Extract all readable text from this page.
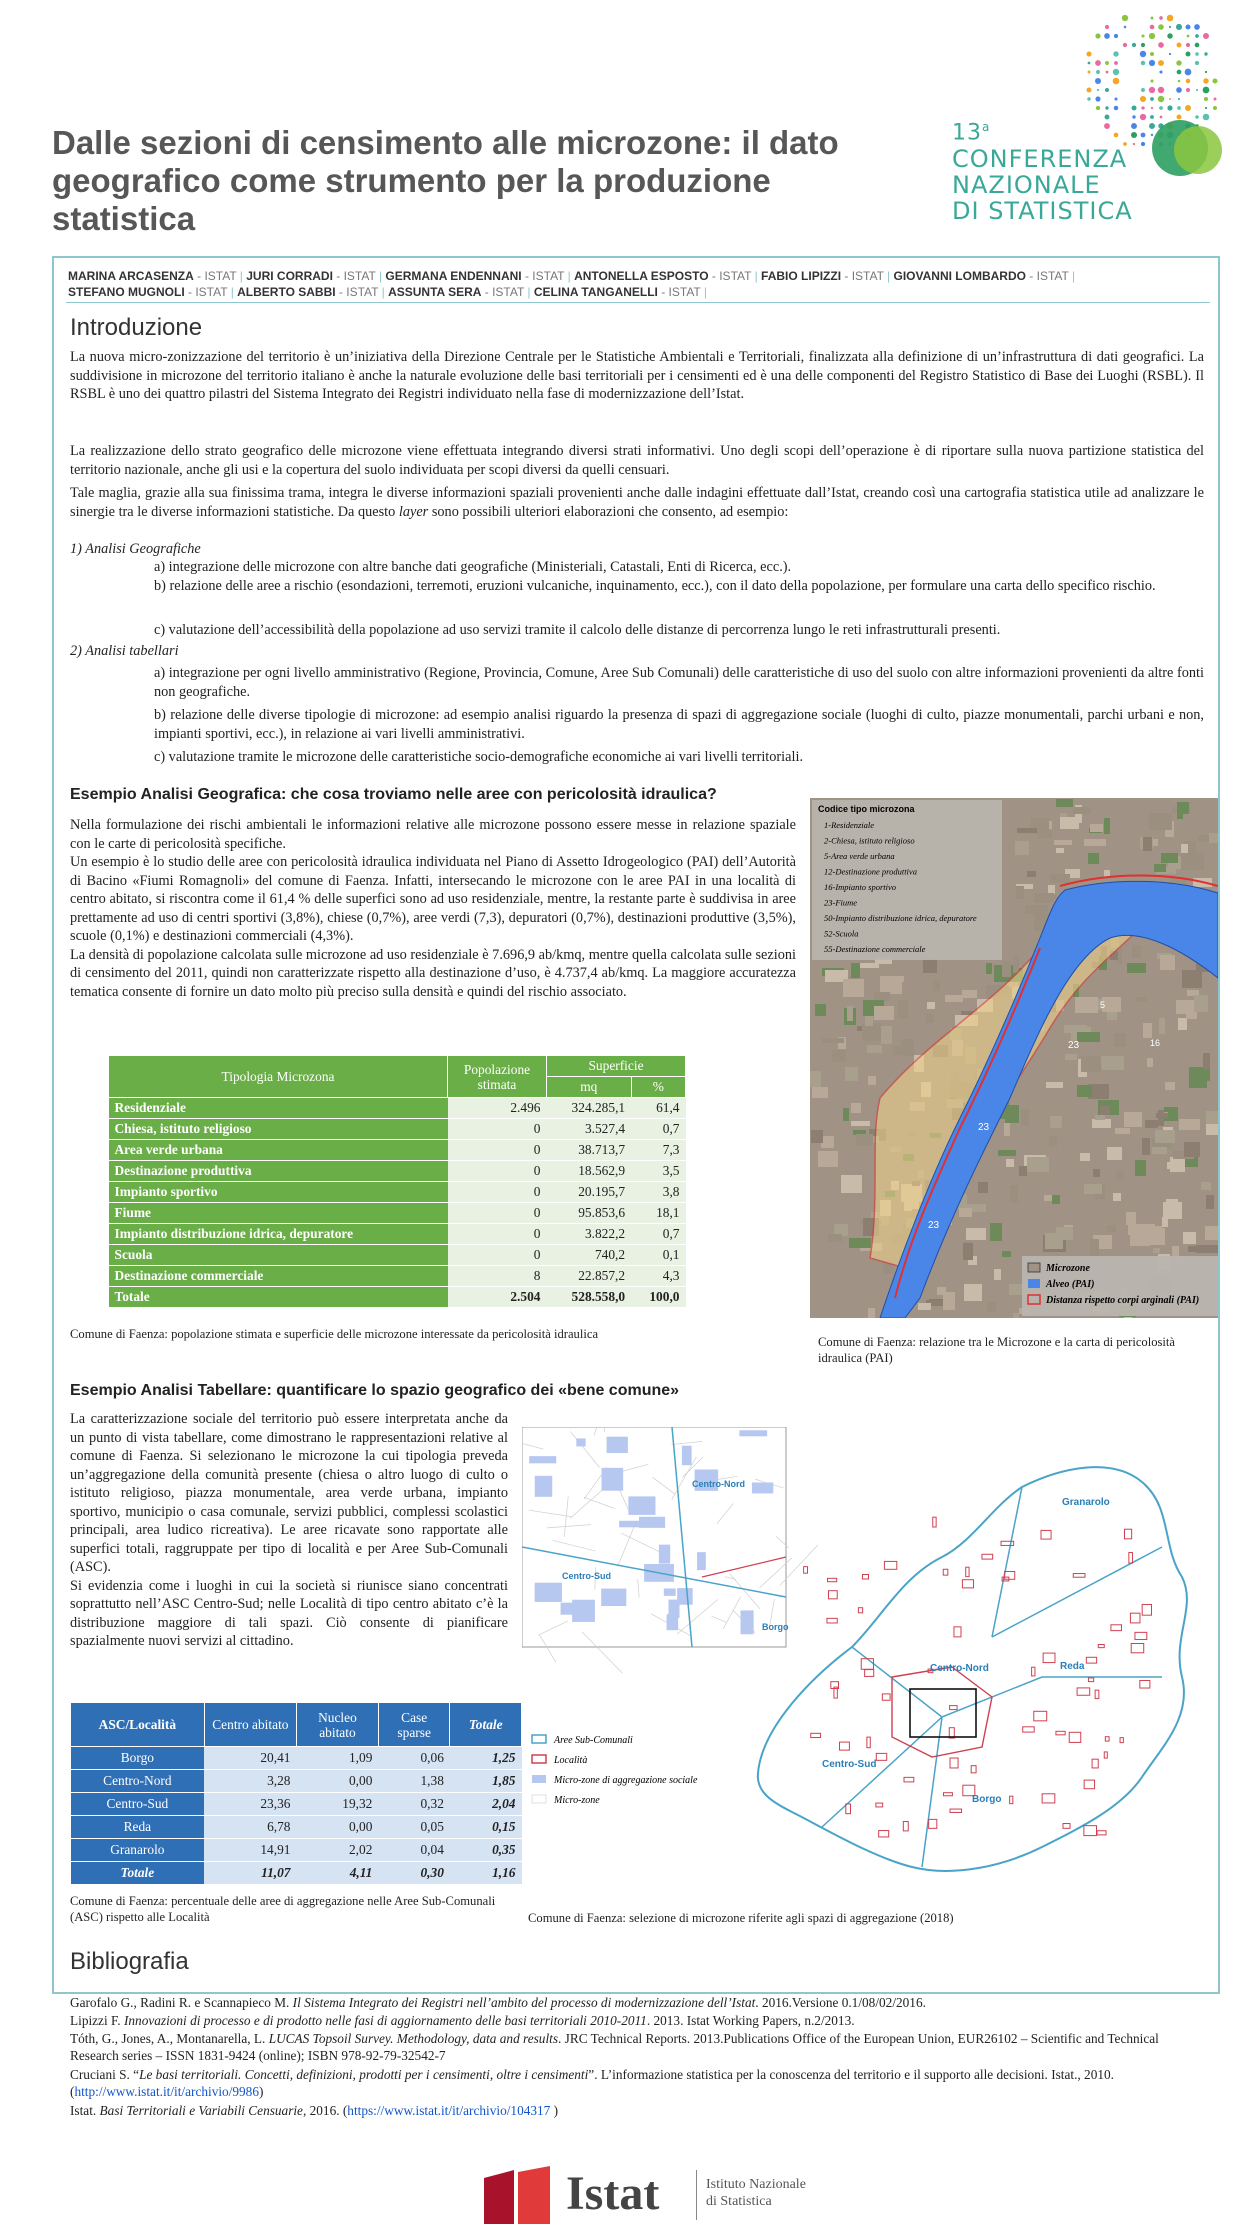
Dalle sezioni di censimento alle microzone: il dato geografico come strumento per la produzione statistica
13$^a$
CONFERENZA
NAZIONALE
DI STATISTICA
MARINA ARCASENZA - ISTAT | JURI CORRADI - ISTAT | GERMANA ENDENNANI - ISTAT | ANTONELLA ESPOSTO - ISTAT | FABIO LIPIZZI - ISTAT | GIOVANNI LOMBARDO - ISTAT |
STEFANO MUGNOLI - ISTAT | ALBERTO SABBI - ISTAT | ASSUNTA SERA - ISTAT | CELINA TANGANELLI - ISTAT |
Introduzione

La nuova micro-zonizzazione del territorio è un’iniziativa della Direzione Centrale per le Statistiche Ambientali e Territoriali, finalizzata alla definizione di un’infrastruttura di dati geografici. La suddivisione in microzone del territorio italiano è anche la naturale evoluzione delle basi territoriali per i censimenti ed è una delle componenti del Registro Statistico di Base dei Luoghi (RSBL). Il RSBL è uno dei quattro pilastri del Sistema Integrato dei Registri individuato nella fase di modernizzazione dell’Istat.

La realizzazione dello strato geografico delle microzone viene effettuata integrando diversi strati informativi. Uno degli scopi dell’operazione è di riportare sulla nuova partizione statistica del territorio nazionale, anche gli usi e la copertura del suolo individuata per scopi diversi da quelli censuari.

Tale maglia, grazie alla sua finissima trama, integra le diverse informazioni spaziali provenienti anche dalle indagini effettuate dall’Istat, creando così una cartografia statistica utile ad analizzare le sinergie tra le diverse informazioni statistiche. Da questo layer sono possibili ulteriori elaborazioni che consento, ad esempio:

1) Analisi Geografiche

a) integrazione delle microzone con altre banche dati geografiche (Ministeriali, Catastali, Enti di Ricerca, ecc.).

b) relazione delle aree a rischio (esondazioni, terremoti, eruzioni vulcaniche, inquinamento, ecc.), con il dato della popolazione, per formulare una carta dello specifico rischio.

c) valutazione dell’accessibilità della popolazione ad uso servizi tramite il calcolo delle distanze di percorrenza lungo le reti infrastrutturali presenti.

2) Analisi tabellari

a) integrazione per ogni livello amministrativo (Regione, Provincia, Comune, Aree Sub Comunali) delle caratteristiche di uso del suolo con altre informazioni provenienti da altre fonti non geografiche.

b) relazione delle diverse tipologie di microzone: ad esempio analisi riguardo la presenza di spazi di aggregazione sociale (luoghi di culto, piazze monumentali, parchi urbani e non, impianti sportivi, ecc.), in relazione ai vari livelli amministrativi.

c) valutazione tramite le microzone delle caratteristiche socio-demografiche economiche ai vari livelli territoriali.

Esempio Analisi Geografica: che cosa troviamo nelle aree con pericolosità idraulica?

Nella formulazione dei rischi ambientali le informazioni relative alle microzone possono essere messe in relazione spaziale con le carte di pericolosità specifiche.
Un esempio è lo studio delle aree con pericolosità idraulica individuata nel Piano di Assetto Idrogeologico (PAI) dell’Autorità di Bacino «Fiumi Romagnoli» del comune di Faenza. Infatti, intersecando le microzone con le aree PAI in una località di centro abitato, si riscontra come il 61,4 % delle superfici sono ad uso residenziale, mentre, la restante parte è suddivisa in aree prettamente ad uso di centri sportivi (3,8%), chiese (0,7%), aree verdi (7,3), depuratori (0,7%), destinazioni produttive (3,5%), scuole (0,1%) e destinazioni commerciali (4,3%).
La densità di popolazione calcolata sulle microzone ad uso residenziale è 7.696,9 ab/kmq, mentre quella calcolata sulle sezioni di censimento del 2011, quindi non caratterizzate rispetto alla destinazione d’uso, è 4.737,4 ab/kmq. La maggiore accuratezza tematica consente di fornire un dato molto più preciso sulla densità e quindi del rischio associato.

Tipologia Microzona	Popolazione stimata	Superficie	
		mq	%
Residenziale	2.496	324.285,1	61,4
Chiesa, istituto religioso	0	3.527,4	0,7
Area verde urbana	0	38.713,7	7,3
Destinazione produttiva	0	18.562,9	3,5
Impianto sportivo	0	20.195,7	3,8
Fiume	0	95.853,6	18,1
Impianto distribuzione idrica, depuratore	0	3.822,2	0,7
Scuola	0	740,2	0,1
Destinazione commerciale	8	22.857,2	4,3
Totale	2.504	528.558,0	100,0

Comune di Faenza: popolazione stimata e superficie delle microzone interessate da pericolosità idraulica

23
23
23
5
16
Codice tipo microzona
1-Residenziale
2-Chiesa, istituto religioso
5-Area verde urbana
12-Destinazione produttiva
16-Impianto sportivo
23-Fiume
50-Impianto distribuzione idrica, depuratore
52-Scuola
55-Destinazione commerciale
Microzone
Alveo (PAI)
Distanza rispetto corpi arginali (PAI)

Comune di Faenza: relazione tra le Microzone e la carta di pericolosità idraulica (PAI)

Esempio Analisi Tabellare: quantificare lo spazio geografico dei «bene comune»

La caratterizzazione sociale del territorio può essere interpretata anche da un punto di vista tabellare, come dimostrano le rappresentazioni relative al comune di Faenza. Si selezionano le microzone la cui tipologia preveda un’aggregazione della comunità presente (chiesa o altro luogo di culto o istituto religioso, piazza monumentale, area verde urbana, impianto sportivo, municipio o casa comunale, servizi pubblici, complessi scolastici principali, area ludico ricreativa). Le aree ricavate sono rapportate alle superfici totali, raggruppate per tipo di località e per Aree Sub-Comunali (ASC).
Si evidenzia come i luoghi in cui la società si riunisce siano concentrati soprattutto nell’ASC Centro-Sud; nelle Località di tipo centro abitato c’è la distribuzione maggiore di tali spazi. Ciò consente di pianificare spazialmente nuovi servizi al cittadino.

ASC/Località	Centro abitato	Nucleo abitato	Case sparse	Totale
Borgo	20,41	1,09	0,06	1,25
Centro-Nord	3,28	0,00	1,38	1,85
Centro-Sud	23,36	19,32	0,32	2,04
Reda	6,78	0,00	0,05	0,15
Granarolo	14,91	2,02	0,04	0,35
Totale	11,07	4,11	0,30	1,16

Comune di Faenza: percentuale delle aree di aggregazione nelle Aree Sub-Comunali (ASC) rispetto alle Località

Centro-Nord
Centro-Sud
Borgo
Granarolo
Centro-Nord	Reda
Centro-Sud
Borgo
Aree Sub-Comunali
Località
Micro-zone di aggregazione sociale
Micro-zone

Comune di Faenza: selezione di microzone riferite agli spazi di aggregazione (2018)

Bibliografia

Garofalo G., Radini R. e Scannapieco M. Il Sistema Integrato dei Registri nell’ambito del processo di modernizzazione dell’Istat. 2016.Versione 0.1/08/02/2016.

Lipizzi F. Innovazioni di processo e di prodotto nelle fasi di aggiornamento delle basi territoriali 2010-2011. 2013. Istat Working Papers, n.2/2013.

Tóth, G., Jones, A., Montanarella, L. LUCAS Topsoil Survey. Methodology, data and results. JRC Technical Reports. 2013.Publications Office of the European Union, EUR26102 – Scientific and Technical Research series – ISSN 1831-9424 (online); ISBN 978-92-79-32542-7

Cruciani S. “Le basi territoriali. Concetti, definizioni, prodotti per i censimenti, oltre i censimenti”. L’informazione statistica per la conoscenza del territorio e il supporto alle decisioni. Istat., 2010. (http://www.istat.it/it/archivio/9986)

Istat. Basi Territoriali e Variabili Censuarie, 2016. (https://www.istat.it/it/archivio/104317 )

Istat	Istituto Nazionale
di Statistica
